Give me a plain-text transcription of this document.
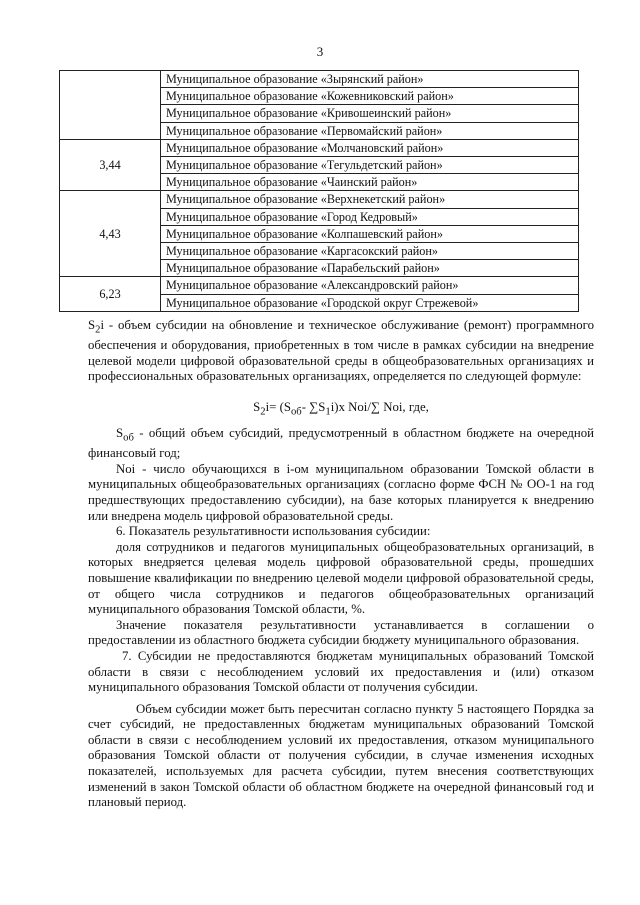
3
	Муниципальное образование «Зырянский район»
	Муниципальное образование «Кожевниковский район»
	Муниципальное образование «Кривошеинский район»
	Муниципальное образование «Первомайский район»
3,44	Муниципальное образование «Молчановский район»
	Муниципальное образование «Тегульдетский район»
	Муниципальное образование «Чаинский район»
4,43	Муниципальное образование «Верхнекетский район»
	Муниципальное образование «Город Кедровый»
	Муниципальное образование «Колпашевский район»
	Муниципальное образование «Каргасокский район»
	Муниципальное образование «Парабельский район»
6,23	Муниципальное образование «Александровский район»
	Муниципальное образование «Городской округ Стрежевой»

$S_2i$ - объем субсидии на обновление и техническое обслуживание (ремонт) программного обеспечения и оборудования, приобретенных в том числе в рамках субсидии на внедрение целевой модели цифровой образовательной среды в общеобразовательных организациях и профессиональных образовательных организациях, определяется по следующей формуле:

$S_2i= (S_{об}-$ $\sum S_1i)x$ Noi/∑ Noi, где,

$S_{об}$ - общий объем субсидий, предусмотренный в областном бюджете на очередной финансовый год;

Noi - число обучающихся в i-ом муниципальном образовании Томской области в муниципальных общеобразовательных организациях (согласно форме ФСН № ОО-1 на год предшествующих предоставлению субсидии), на базе которых планируется к внедрению или внедрена модель цифровой образовательной среды.

6. Показатель результативности использования субсидии:

доля сотрудников и педагогов муниципальных общеобразовательных организаций, в которых внедряется целевая модель цифровой образовательной среды, прошедших повышение квалификации по внедрению целевой модели цифровой образовательной среды, от общего числа сотрудников и педагогов общеобразовательных организаций муниципального образования Томской области, %.

Значение показателя результативности устанавливается в соглашении о предоставлении из областного бюджета субсидии бюджету муниципального образования.

7. Субсидии не предоставляются бюджетам муниципальных образований Томской области в связи с несоблюдением условий их предоставления и (или) отказом муниципального образования Томской области от получения субсидии.

Объем субсидии может быть пересчитан согласно пункту 5 настоящего Порядка за счет субсидий, не предоставленных бюджетам муниципальных образований Томской области в связи с несоблюдением условий их предоставления, отказом муниципального образования Томской области от получения субсидии, в случае изменения исходных показателей, используемых для расчета субсидии, путем внесения соответствующих изменений в закон Томской области об областном бюджете на очередной финансовый год и плановый период.
